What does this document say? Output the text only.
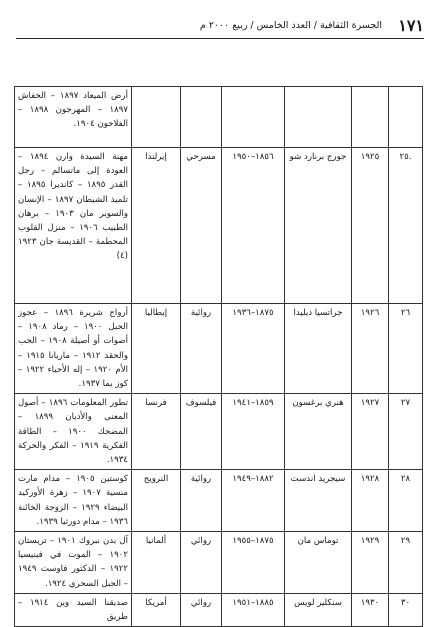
١٧١
الجسرة الثقافية / العدد الخامس / ربيع ٢٠٠٠ م
						أرض الميعاد ١٨٩٧ – الخفاش ١٨٩٧ – المهرجون ١٨٩٨ – الفلاحون ١٩٠٤.
.٢٥	١٩٢٥	جورج برنارد شو	١٨٥٦–١٩٥٠	مسرحي	إيرلندا	مهنة السيدة وارن ١٨٩٤ – العودة إلى ماتسالم – رجل القدر ١٨٩٥ – كانديرا ١٨٩٥ – تلميذ الشيطان ١٨٩٧ – الإنسان والسوبر مان ١٩٠٣ – برهان الطبيب ١٩٠٦ – منزل القلوب المحطمة – القديسة جان ١٩٢٣ (٤)
٢٦	١٩٢٦	جراتسيا ديليدا	١٨٧٥–١٩٣٦	روائية	إيطاليا	أرواح شريرة ١٨٩٦ – عجوز الجبل ١٩٠٠ – رماد ١٩٠٨ – أصوات أو أصيلة ١٩٠٨ – الحب والحقد ١٩١٢ – ماريانا ١٩١٥ – الأم ١٩٢٠ – إله الأحياء ١٩٢٢ – كوز يما ١٩٣٧.
٢٧	١٩٢٧	هنري برغسون	١٨٥٩–١٩٤١	فيلسوف	فرنسا	تطور المعلومات ١٨٩٦ – أصول المعنى والأديان ١٨٩٩ – المضحك ١٩٠٠ – الطاقة الفكرية ١٩١٩ – الفكر والحركة ١٩٣٤.
٢٨	١٩٢٨	سيجريد اندست	١٨٨٢–١٩٤٩	روائية	النرويج	كوستين ١٩٠٥ – مدام مارت منسية ١٩٠٧ – زهرة الأوركيد البيضاء ١٩٢٩ – الزوجة الخائنة ١٩٣٦ – مدام دورثيا ١٩٣٩.
٢٩	١٩٢٩	توماس مان	١٨٧٥–١٩٥٥	روائي	ألمانيا	آل بدن نبروك ١٩٠١ – تريستان ١٩٠٢ – الموت في فينيسيا ١٩٢٢ – الدكتور فاوست ١٩٤٩ – الجبل السحري ١٩٢٤.
٣٠	١٩٣٠	سنكلير لويس	١٨٨٥–١٩٥١	روائي	أمريكا	صديقنا السيد وين ١٩١٤ – طريق
